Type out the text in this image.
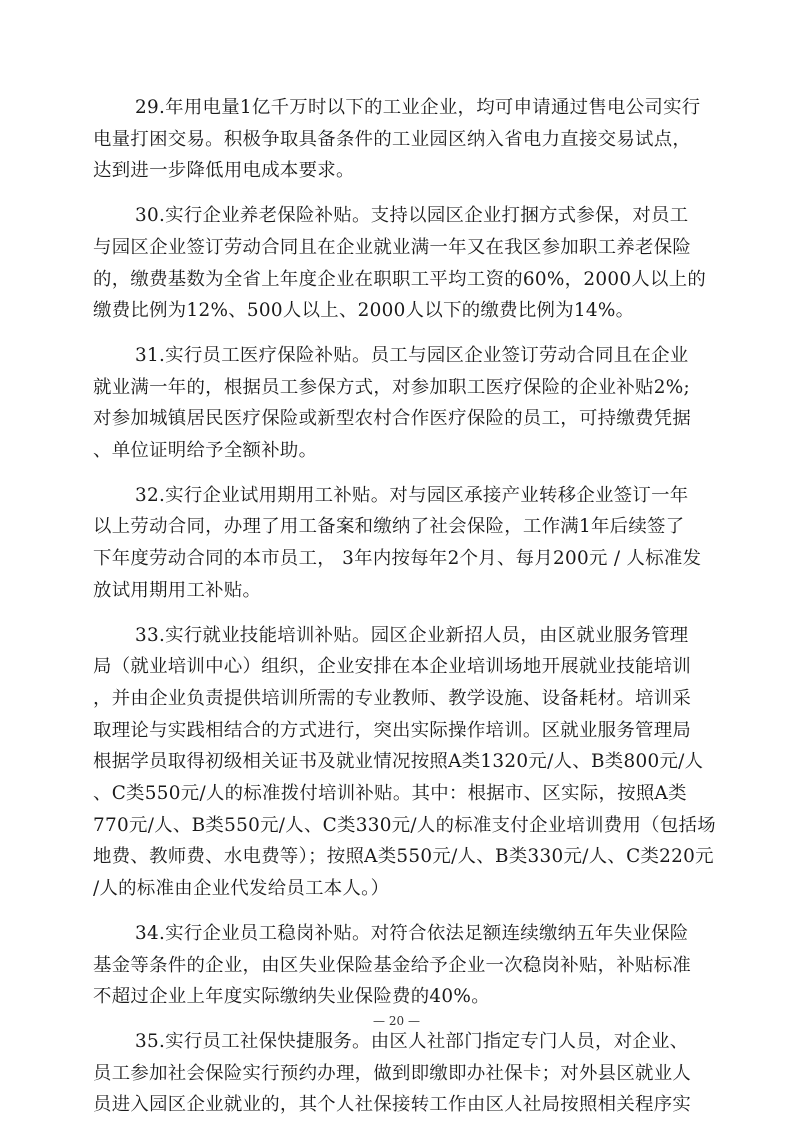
29.年用电量1亿千万时以下的工业企业，均可申请通过售电公司实行
电量打困交易。积极争取具备条件的工业园区纳入省电力直接交易试点，
达到进一步降低用电成本要求。

30.实行企业养老保险补贴。支持以园区企业打捆方式参保，对员工
与园区企业签订劳动合同且在企业就业满一年又在我区参加职工养老保险
的，缴费基数为全省上年度企业在职职工平均工资的60%，2000人以上的
缴费比例为12%、500人以上、2000人以下的缴费比例为14%。

31.实行员工医疗保险补贴。员工与园区企业签订劳动合同且在企业
就业满一年的，根据员工参保方式，对参加职工医疗保险的企业补贴2%;
对参加城镇居民医疗保险或新型农村合作医疗保险的员工，可持缴费凭据
、单位证明给予全额补助。

32.实行企业试用期用工补贴。对与园区承接产业转移企业签订一年
以上劳动合同，办理了用工备案和缴纳了社会保险，工作满1年后续签了
下年度劳动合同的本市员工， 3年内按每年2个月、每月200元 / 人标准发
放试用期用工补贴。

33.实行就业技能培训补贴。园区企业新招人员，由区就业服务管理
局（就业培训中心）组织，企业安排在本企业培训场地开展就业技能培训
，并由企业负责提供培训所需的专业教师、教学设施、设备耗材。培训采
取理论与实践相结合的方式进行，突出实际操作培训。区就业服务管理局
根据学员取得初级相关证书及就业情况按照A类1320元/人、B类800元/人
、C类550元/人的标准拨付培训补贴。其中：根据市、区实际，按照A类
770元/人、B类550元/人、C类330元/人的标准支付企业培训费用（包括场
地费、教师费、水电费等）；按照A类550元/人、B类330元/人、C类220元
/人的标准由企业代发给员工本人。）

34.实行企业员工稳岗补贴。对符合依法足额连续缴纳五年失业保险
基金等条件的企业，由区失业保险基金给予企业一次稳岗补贴，补贴标准
不超过企业上年度实际缴纳失业保险费的40%。

35.实行员工社保快捷服务。由区人社部门指定专门人员，对企业、
员工参加社会保险实行预约办理，做到即缴即办社保卡；对外县区就业人
员进入园区企业就业的，其个人社保接转工作由区人社局按照相关程序实

— 20 —
